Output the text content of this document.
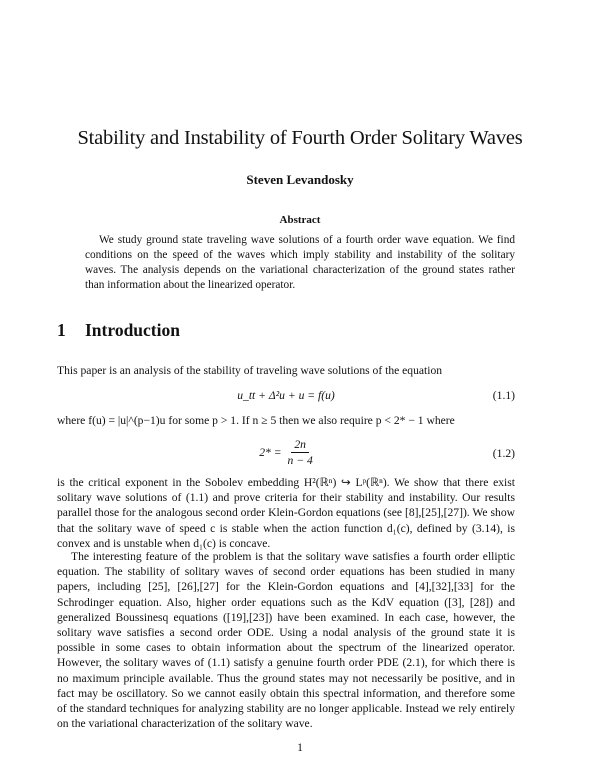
Stability and Instability of Fourth Order Solitary Waves
Steven Levandosky
Abstract
We study ground state traveling wave solutions of a fourth order wave equation. We find conditions on the speed of the waves which imply stability and instability of the solitary waves. The analysis depends on the variational characterization of the ground states rather than information about the linearized operator.
1 Introduction
This paper is an analysis of the stability of traveling wave solutions of the equation
u_tt + Δ²u + u = f(u)	(1.1)
where f(u) = |u|^(p−1)u for some p > 1. If n ≥ 5 then we also require p < 2* − 1 where
$2* = \frac{2n}{n - 4}$	(1.2)
is the critical exponent in the Sobolev embedding H²(ℝⁿ) ↪ Lᵖ(ℝⁿ). We show that there exist solitary wave solutions of (1.1) and prove criteria for their stability and instability. Our results parallel those for the analogous second order Klein-Gordon equations (see [8],[25],[27]). We show that the solitary wave of speed c is stable when the action function d₁(c), defined by (3.14), is convex and is unstable when d₁(c) is concave.
The interesting feature of the problem is that the solitary wave satisfies a fourth order elliptic equation. The stability of solitary waves of second order equations has been studied in many papers, including [25], [26],[27] for the Klein-Gordon equations and [4],[32],[33] for the Schrodinger equation. Also, higher order equations such as the KdV equation ([3], [28]) and generalized Boussinesq equations ([19],[23]) have been examined. In each case, however, the solitary wave satisfies a second order ODE. Using a nodal analysis of the ground state it is possible in some cases to obtain information about the spectrum of the linearized operator. However, the solitary waves of (1.1) satisfy a genuine fourth order PDE (2.1), for which there is no maximum principle available. Thus the ground states may not necessarily be positive, and in fact may be oscillatory. So we cannot easily obtain this spectral information, and therefore some of the standard techniques for analyzing stability are no longer applicable. Instead we rely entirely on the variational characterization of the solitary wave.
1
